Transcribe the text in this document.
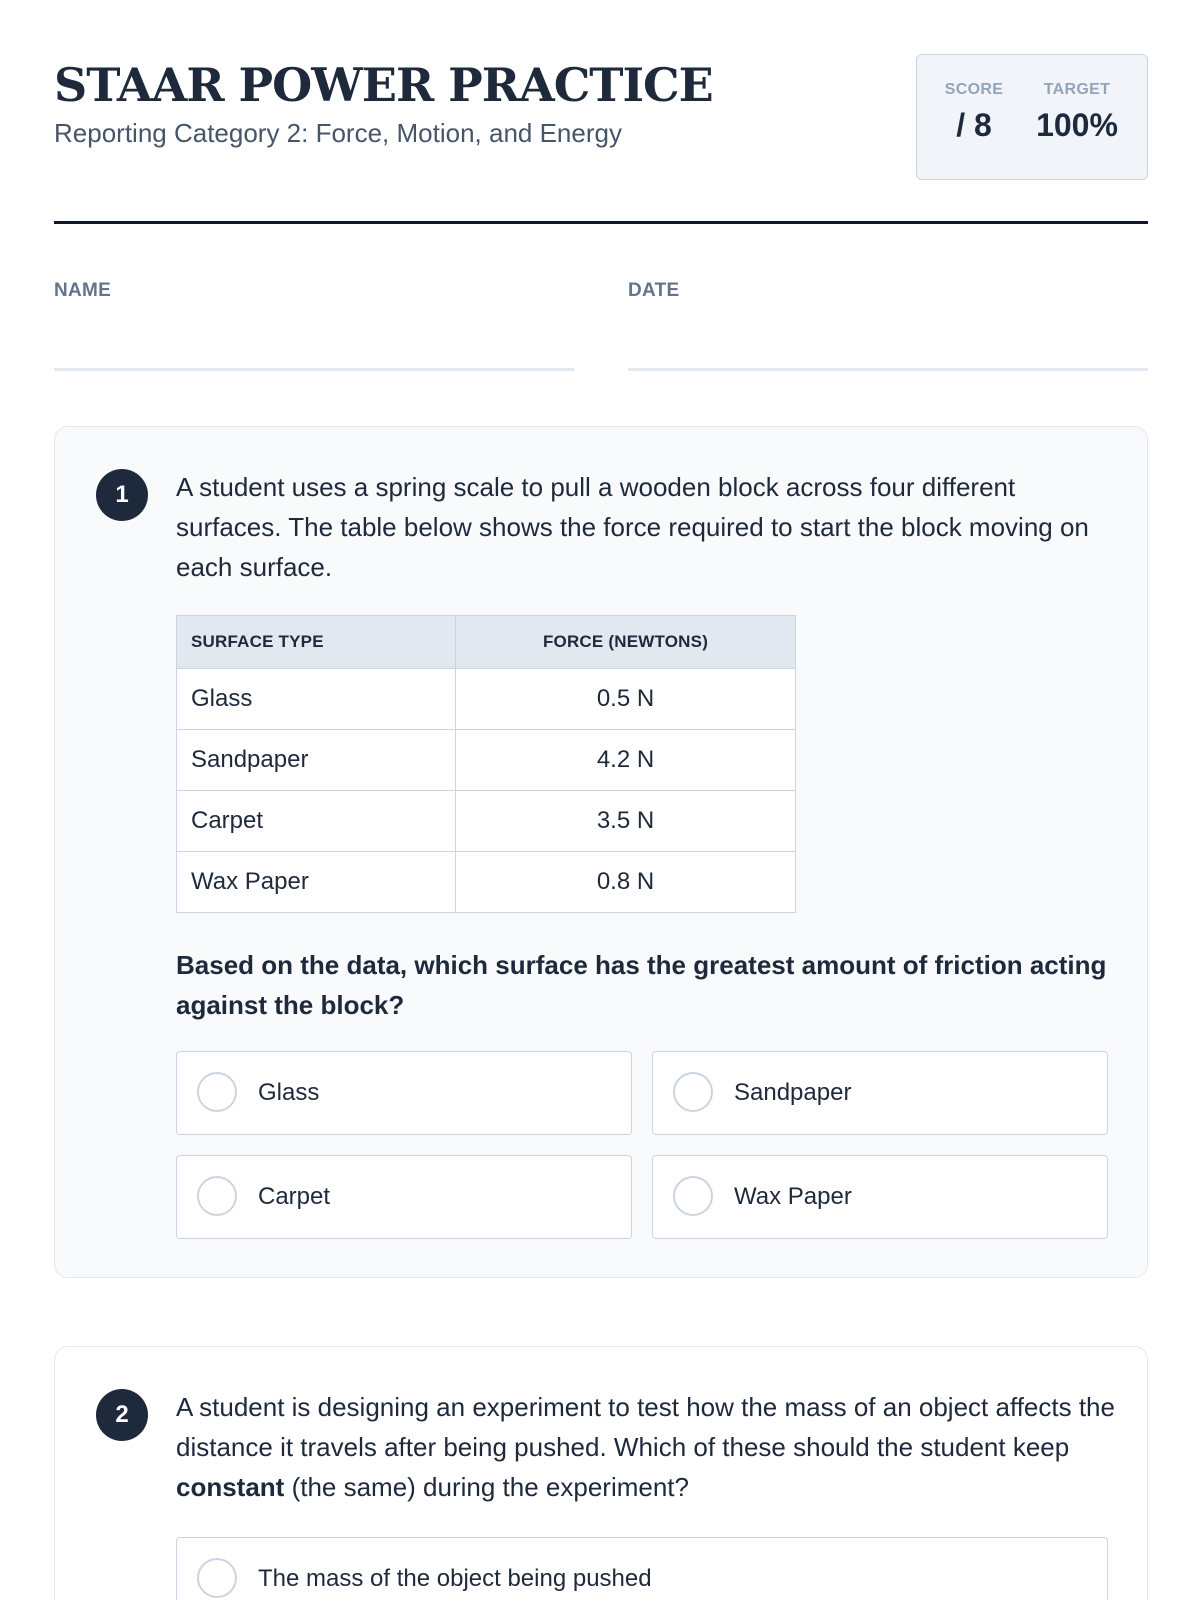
STAAR POWER PRACTICE
Reporting Category 2: Force, Motion, and Energy
SCORE
/ 8
TARGET
100%
NAME	DATE
1	A student uses a spring scale to pull a wooden block across four different surfaces. The table below shows the force required to start the block moving on each surface.
SURFACE TYPE	FORCE (NEWTONS)
Glass	0.5 N
Sandpaper	4.2 N
Carpet	3.5 N
Wax Paper	0.8 N
Based on the data, which surface has the greatest amount of friction acting against the block?
Glass	Sandpaper
Carpet	Wax Paper
2	A student is designing an experiment to test how the mass of an object affects the distance it travels after being pushed. Which of these should the student keep constant (the same) during the experiment?
The mass of the object being pushed
